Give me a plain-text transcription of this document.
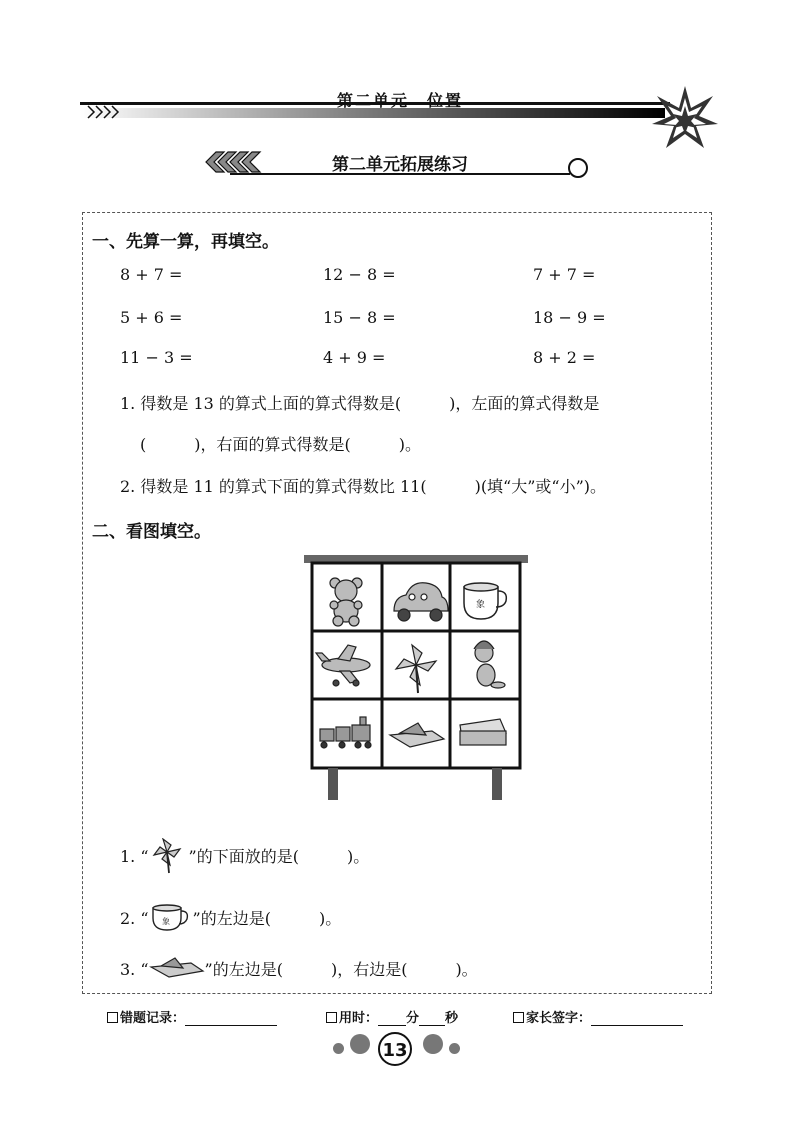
第二单元　位置
第二单元拓展练习
一、先算一算，再填空。
8 + 7 =	12 − 8 =	7 + 7 =
5 + 6 =	15 − 8 =	18 − 9 =
11 − 3 =	4 + 9 =	8 + 2 =
1. 得数是 13 的算式上面的算式得数是(　　　)，左面的算式得数是
(　　　)，右面的算式得数是(　　　)。
2. 得数是 11 的算式下面的算式得数比 11(　　　)(填“大”或“小”)。
二、看图填空。
象
1. “	”的下面放的是(　　　)。
2. “ 象 ”的左边是(　　　)。
3. “	”的左边是(　　　)，右边是(　　　)。
错题记录：	用时： 分 秒	家长签字：
13
